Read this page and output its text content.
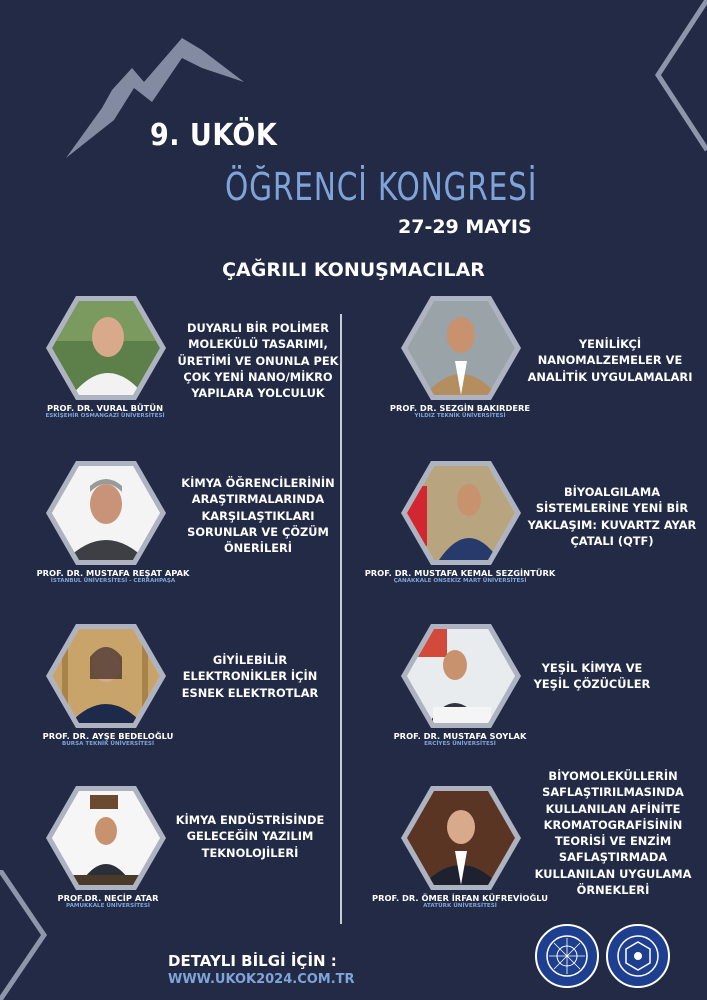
9. UKÖK
ÖĞRENCİ KONGRESİ
27-29 MAYIS
ÇAĞRILI KONUŞMACILAR
PROF. DR. VURAL BÜTÜN
ESKİŞEHİR OSMANGAZİ ÜNİVERSİTESİ
DUYARLI BİR POLİMER
MOLEKÜLÜ TASARIMI,
ÜRETİMİ VE ONUNLA PEK
ÇOK YENİ NANO/MİKRO
YAPILARA YOLCULUK
PROF. DR. SEZGİN BAKIRDERE
YILDIZ TEKNİK ÜNİVERSİTESİ
YENİLİKÇİ
NANOMALZEMELER VE
ANALİTİK UYGULAMALARI
PROF. DR. MUSTAFA REŞAT APAK
İSTANBUL ÜNİVERSİTESİ - CERRAHPAŞA
KİMYA ÖĞRENCİLERİNİN
ARAŞTIRMALARINDA
KARŞILAŞTIKLARI
SORUNLAR VE ÇÖZÜM
ÖNERİLERİ
PROF. DR. MUSTAFA KEMAL SEZGİNTÜRK
ÇANAKKALE ONSEKİZ MART ÜNİVERSİTESİ
BİYOALGILAMA
SİSTEMLERİNE YENİ BİR
YAKLAŞIM: KUVARTZ AYAR
ÇATALI (QTF)
PROF. DR. AYŞE BEDELOĞLU
BURSA TEKNİK ÜNİVERSİTESİ
GİYİLEBİLİR
ELEKTRONİKLER İÇİN
ESNEK ELEKTROTLAR
PROF. DR. MUSTAFA SOYLAK
ERCİYES ÜNİVERSİTESİ
YEŞİL KİMYA VE
YEŞİL ÇÖZÜCÜLER
PROF.DR. NECİP ATAR
PAMUKKALE ÜNİVERSİTESİ
KİMYA ENDÜSTRİSİNDE
GELECEĞİN YAZILIM
TEKNOLOJİLERİ
PROF. DR. ÖMER İRFAN KÜFREVİOĞLU
ATATÜRK ÜNİVERSİTESİ
BİYOMOLEKÜLLERİN
SAFLAŞTIRILMASINDA
KULLANILAN AFİNİTE
KROMATOGRAFİSİNİN
TEORİSİ VE ENZİM
SAFLAŞTIRMADA
KULLANILAN UYGULAMA
ÖRNEKLERİ
DETAYLI BİLGİ İÇİN :
WWW.UKOK2024.COM.TR
